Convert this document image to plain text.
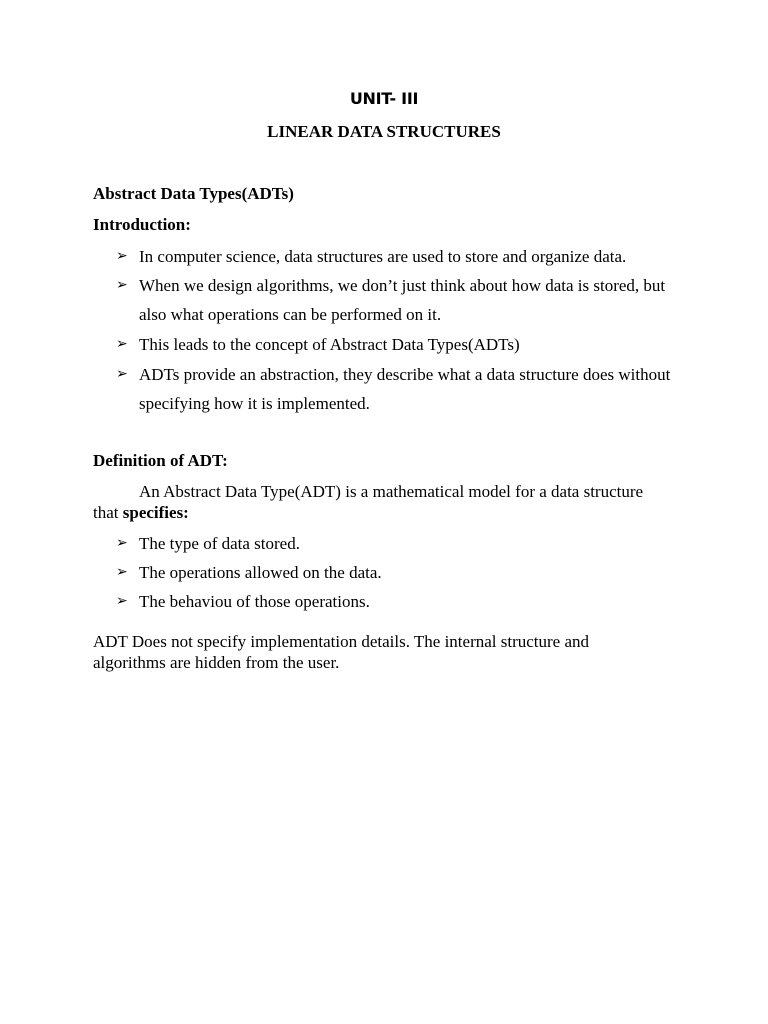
UNIT- III
LINEAR DATA STRUCTURES
Abstract Data Types(ADTs)
Introduction:
➢ In computer science, data structures are used to store and organize data.
➢ When we design algorithms, we don’t just think about how data is stored, but also what operations can be performed on it.
➢ This leads to the concept of Abstract Data Types(ADTs)
➢ ADTs provide an abstraction, they describe what a data structure does without specifying how it is implemented.
Definition of ADT:
An Abstract Data Type(ADT) is a mathematical model for a data structure that specifies:
➢ The type of data stored.
➢ The operations allowed on the data.
➢ The behaviou of those operations.
ADT Does not specify implementation details. The internal structure and algorithms are hidden from the user.
